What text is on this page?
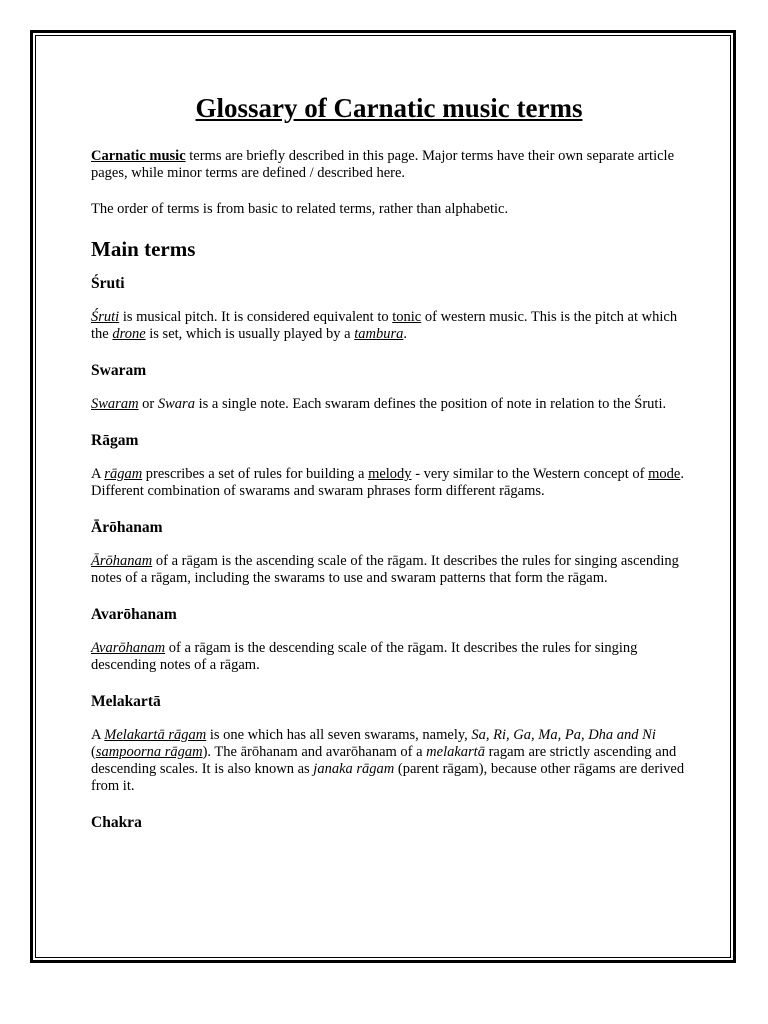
Glossary of Carnatic music terms

Carnatic music terms are briefly described in this page. Major terms have their own separate article pages, while minor terms are defined / described here.

The order of terms is from basic to related terms, rather than alphabetic.

Main terms
Śruti

Śruti is musical pitch. It is considered equivalent to tonic of western music. This is the pitch at which the drone is set, which is usually played by a tambura.

Swaram

Swaram or Swara is a single note. Each swaram defines the position of note in relation to the Śruti.

Rāgam

A rāgam prescribes a set of rules for building a melody - very similar to the Western concept of mode. Different combination of swarams and swaram phrases form different rāgams.

Ārōhanam

Ārōhanam of a rāgam is the ascending scale of the rāgam. It describes the rules for singing ascending notes of a rāgam, including the swarams to use and swaram patterns that form the rāgam.

Avarōhanam

Avarōhanam of a rāgam is the descending scale of the rāgam. It describes the rules for singing descending notes of a rāgam.

Melakartā

A Melakartā rāgam is one which has all seven swarams, namely, Sa, Ri, Ga, Ma, Pa, Dha and Ni (sampoorna rāgam). The ārōhanam and avarōhanam of a melakartā ragam are strictly ascending and descending scales. It is also known as janaka rāgam (parent rāgam), because other rāgams are derived from it.

Chakra
